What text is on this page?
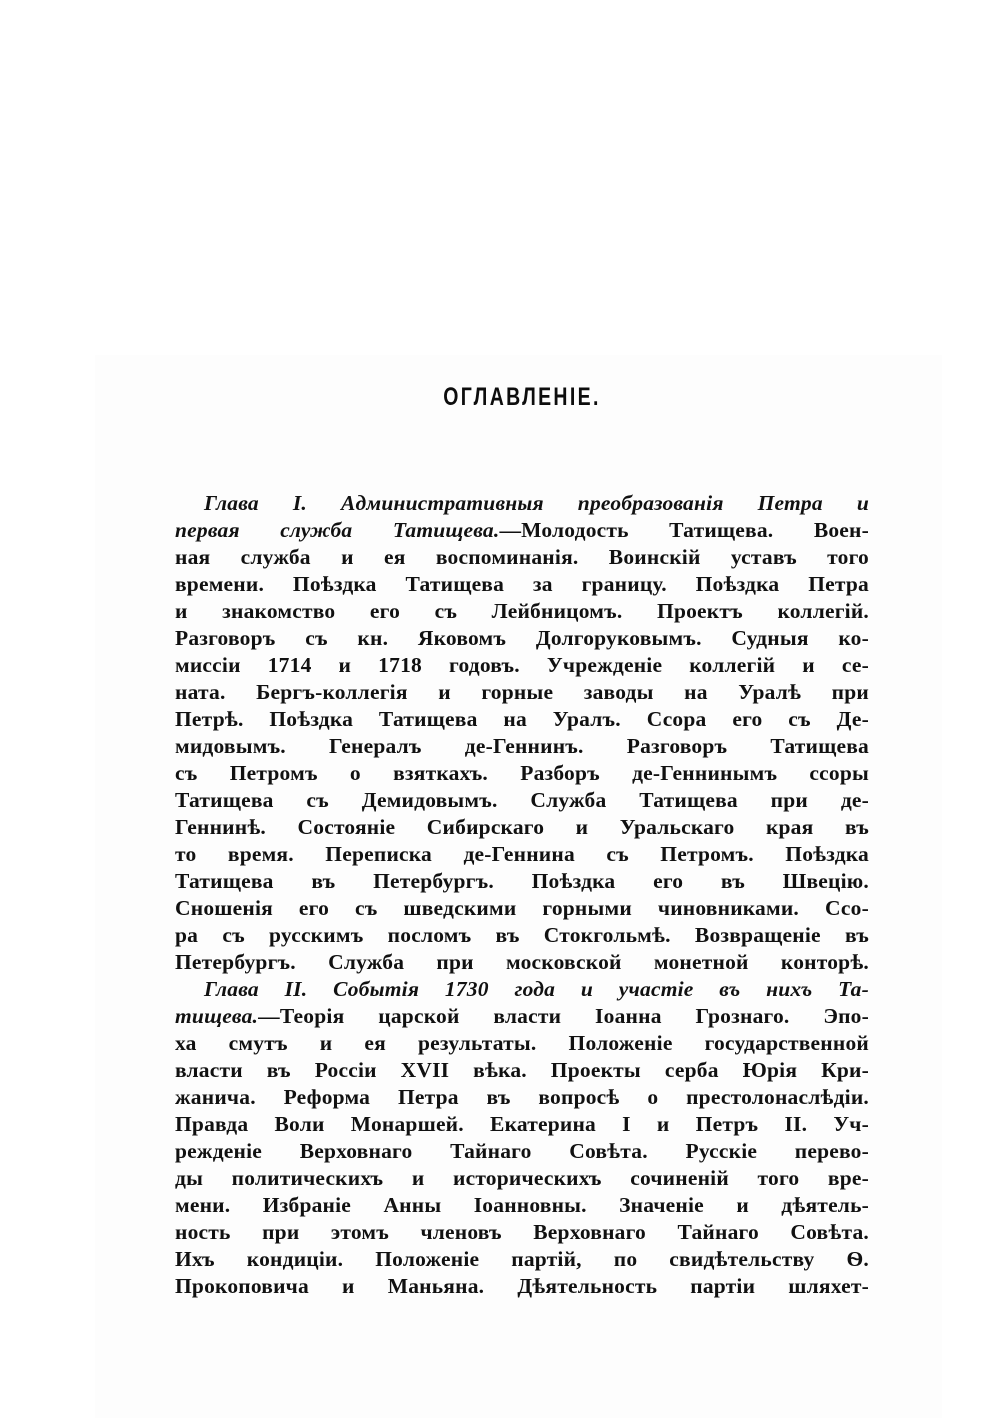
ОГЛАВЛЕНІЕ.
Глава I. Административныя преобразованія Петра и
первая служба Татищева.—Молодость Татищева. Воен-
ная служба и ея воспоминанія. Воинскій уставъ того
времени. Поѣздка Татищева за границу. Поѣздка Петра
и знакомство его съ Лейбницомъ. Проектъ коллегій.
Разговоръ съ кн. Яковомъ Долгоруковымъ. Судныя ко-
миссіи 1714 и 1718 годовъ. Учрежденіе коллегій и се-
ната. Бергъ-коллегія и горные заводы на Уралѣ при
Петрѣ. Поѣздка Татищева на Уралъ. Ссора его съ Де-
мидовымъ. Генералъ де-Геннинъ. Разговоръ Татищева
съ Петромъ о взяткахъ. Разборъ де-Геннинымъ ссоры
Татищева съ Демидовымъ. Служба Татищева при де-
Геннинѣ. Состояніе Сибирскаго и Уральскаго края въ
то время. Переписка де-Геннина съ Петромъ. Поѣздка
Татищева въ Петербургъ. Поѣздка его въ Швецію.
Сношенія его съ шведскими горными чиновниками. Ссо-
ра съ русскимъ посломъ въ Стокгольмѣ. Возвращеніе въ
Петербургъ. Служба при московской монетной конторѣ.
Глава II. Событія 1730 года и участіе въ нихъ Та-
тищева.—Теорія царской власти Іоанна Грознаго. Эпо-
ха смутъ и ея результаты. Положеніе государственной
власти въ Россіи XVII вѣка. Проекты серба Юрія Кри-
жанича. Реформа Петра въ вопросѣ о престолонаслѣдіи.
Правда Воли Монаршей. Екатерина I и Петръ II. Уч-
режденіе Верховнаго Тайнаго Совѣта. Русскіе перево-
ды политическихъ и историческихъ сочиненій того вре-
мени. Избраніе Анны Іоанновны. Значеніе и дѣятель-
ность при этомъ членовъ Верховнаго Тайнаго Совѣта.
Ихъ кондиціи. Положеніе партій, по свидѣтельству Ѳ.
Прокоповича и Маньяна. Дѣятельность партіи шляхет-
